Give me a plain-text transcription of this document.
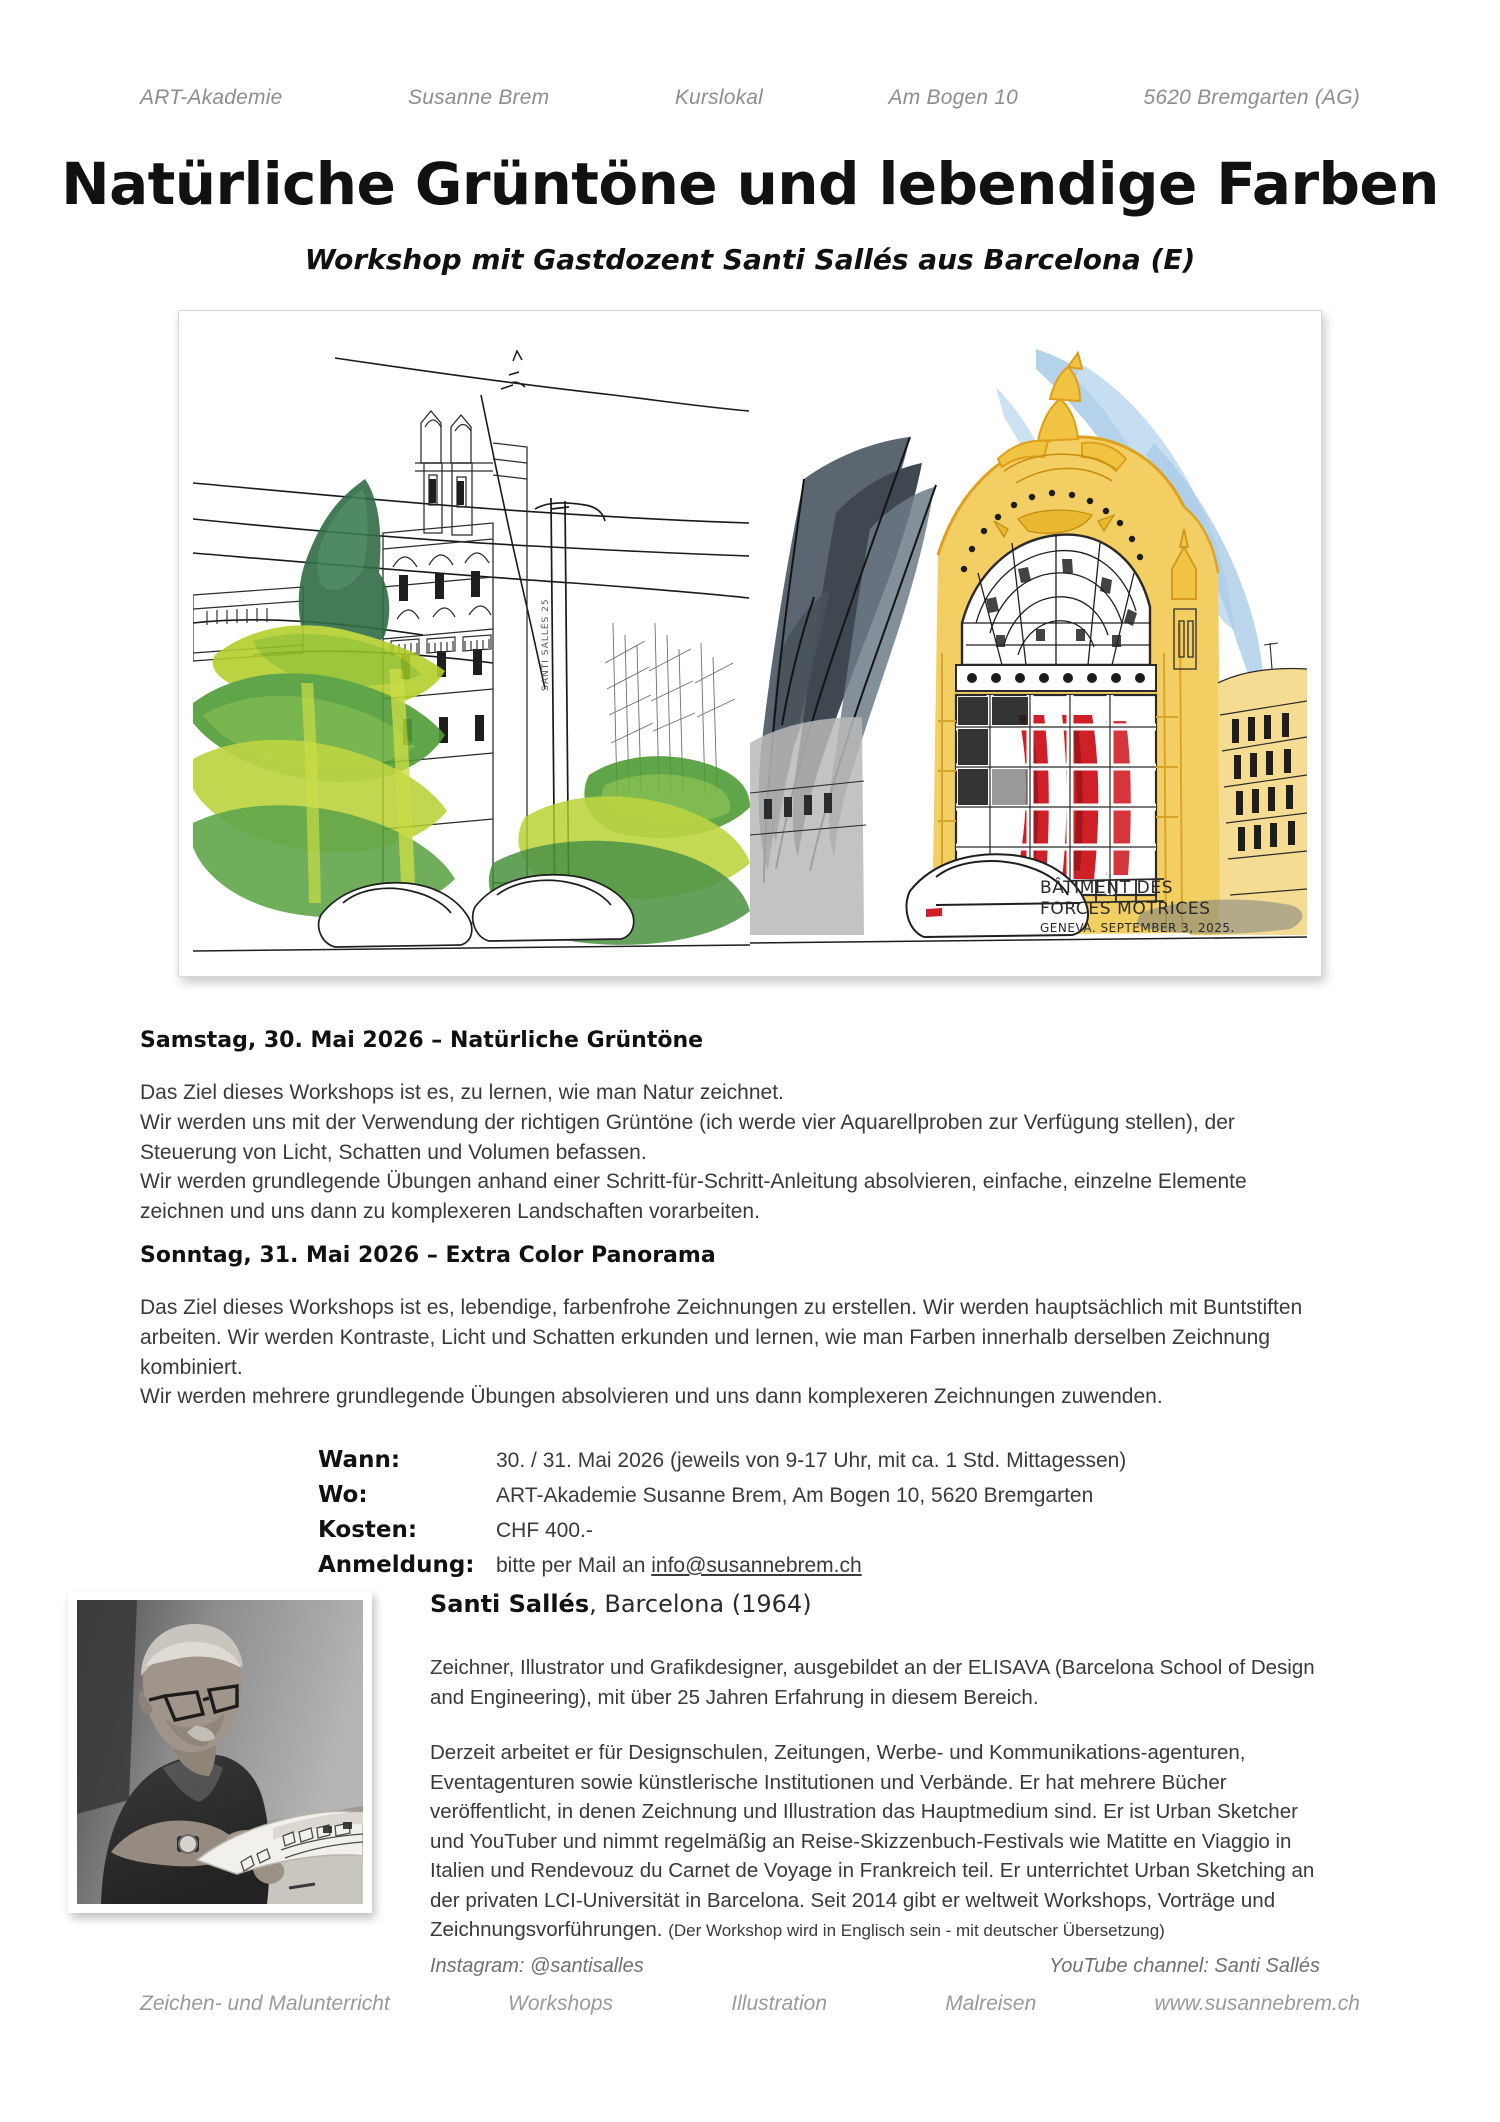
ART-Akademie	Susanne Brem	Kurslokal	Am Bogen 10	5620 Bremgarten (AG)
Natürliche Grüntöne und lebendige Farben
Workshop mit Gastdozent Santi Sallés aus Barcelona (E)
SANTI SALLÉS 25
BÂTIMENT DES
FORCES MOTRICES
GENEVA. SEPTEMBER 3, 2025.
Samstag, 30. Mai 2026 – Natürliche Grüntöne

Das Ziel dieses Workshops ist es, zu lernen, wie man Natur zeichnet.

Wir werden uns mit der Verwendung der richtigen Grüntöne (ich werde vier Aquarellproben zur Verfügung stellen), der Steuerung von Licht, Schatten und Volumen befassen.

Wir werden grundlegende Übungen anhand einer Schritt-für-Schritt-Anleitung absolvieren, einfache, einzelne Elemente zeichnen und uns dann zu komplexeren Landschaften vorarbeiten.

Sonntag, 31. Mai 2026 – Extra Color Panorama

Das Ziel dieses Workshops ist es, lebendige, farbenfrohe Zeichnungen zu erstellen. Wir werden hauptsächlich mit Buntstiften arbeiten. Wir werden Kontraste, Licht und Schatten erkunden und lernen, wie man Farben innerhalb derselben Zeichnung kombiniert.

Wir werden mehrere grundlegende Übungen absolvieren und uns dann komplexeren Zeichnungen zuwenden.

Wann:	30. / 31. Mai 2026 (jeweils von 9-17 Uhr, mit ca. 1 Std. Mittagessen)
Wo:	ART-Akademie Susanne Brem, Am Bogen 10, 5620 Bremgarten
Kosten:	CHF 400.-
Anmeldung:	bitte per Mail an info@susannebrem.ch
Santi Sallés, Barcelona (1964)

Zeichner, Illustrator und Grafikdesigner, ausgebildet an der ELISAVA (Barcelona School of Design and Engineering), mit über 25 Jahren Erfahrung in diesem Bereich.

Derzeit arbeitet er für Designschulen, Zeitungen, Werbe- und Kommunikations-agenturen, Eventagenturen sowie künstlerische Institutionen und Verbände. Er hat mehrere Bücher veröffentlicht, in denen Zeichnung und Illustration das Hauptmedium sind. Er ist Urban Sketcher und YouTuber und nimmt regelmäßig an Reise-Skizzenbuch-Festivals wie Matitte en Viaggio in Italien und Rendevouz du Carnet de Voyage in Frankreich teil. Er unterrichtet Urban Sketching an der privaten LCI-Universität in Barcelona. Seit 2014 gibt er weltweit Workshops, Vorträge und Zeichnungsvorführungen. (Der Workshop wird in Englisch sein - mit deutscher Übersetzung)

Instagram: @santisalles	YouTube channel: Santi Sallés
Zeichen- und Malunterricht	Workshops	Illustration	Malreisen	www.susannebrem.ch
